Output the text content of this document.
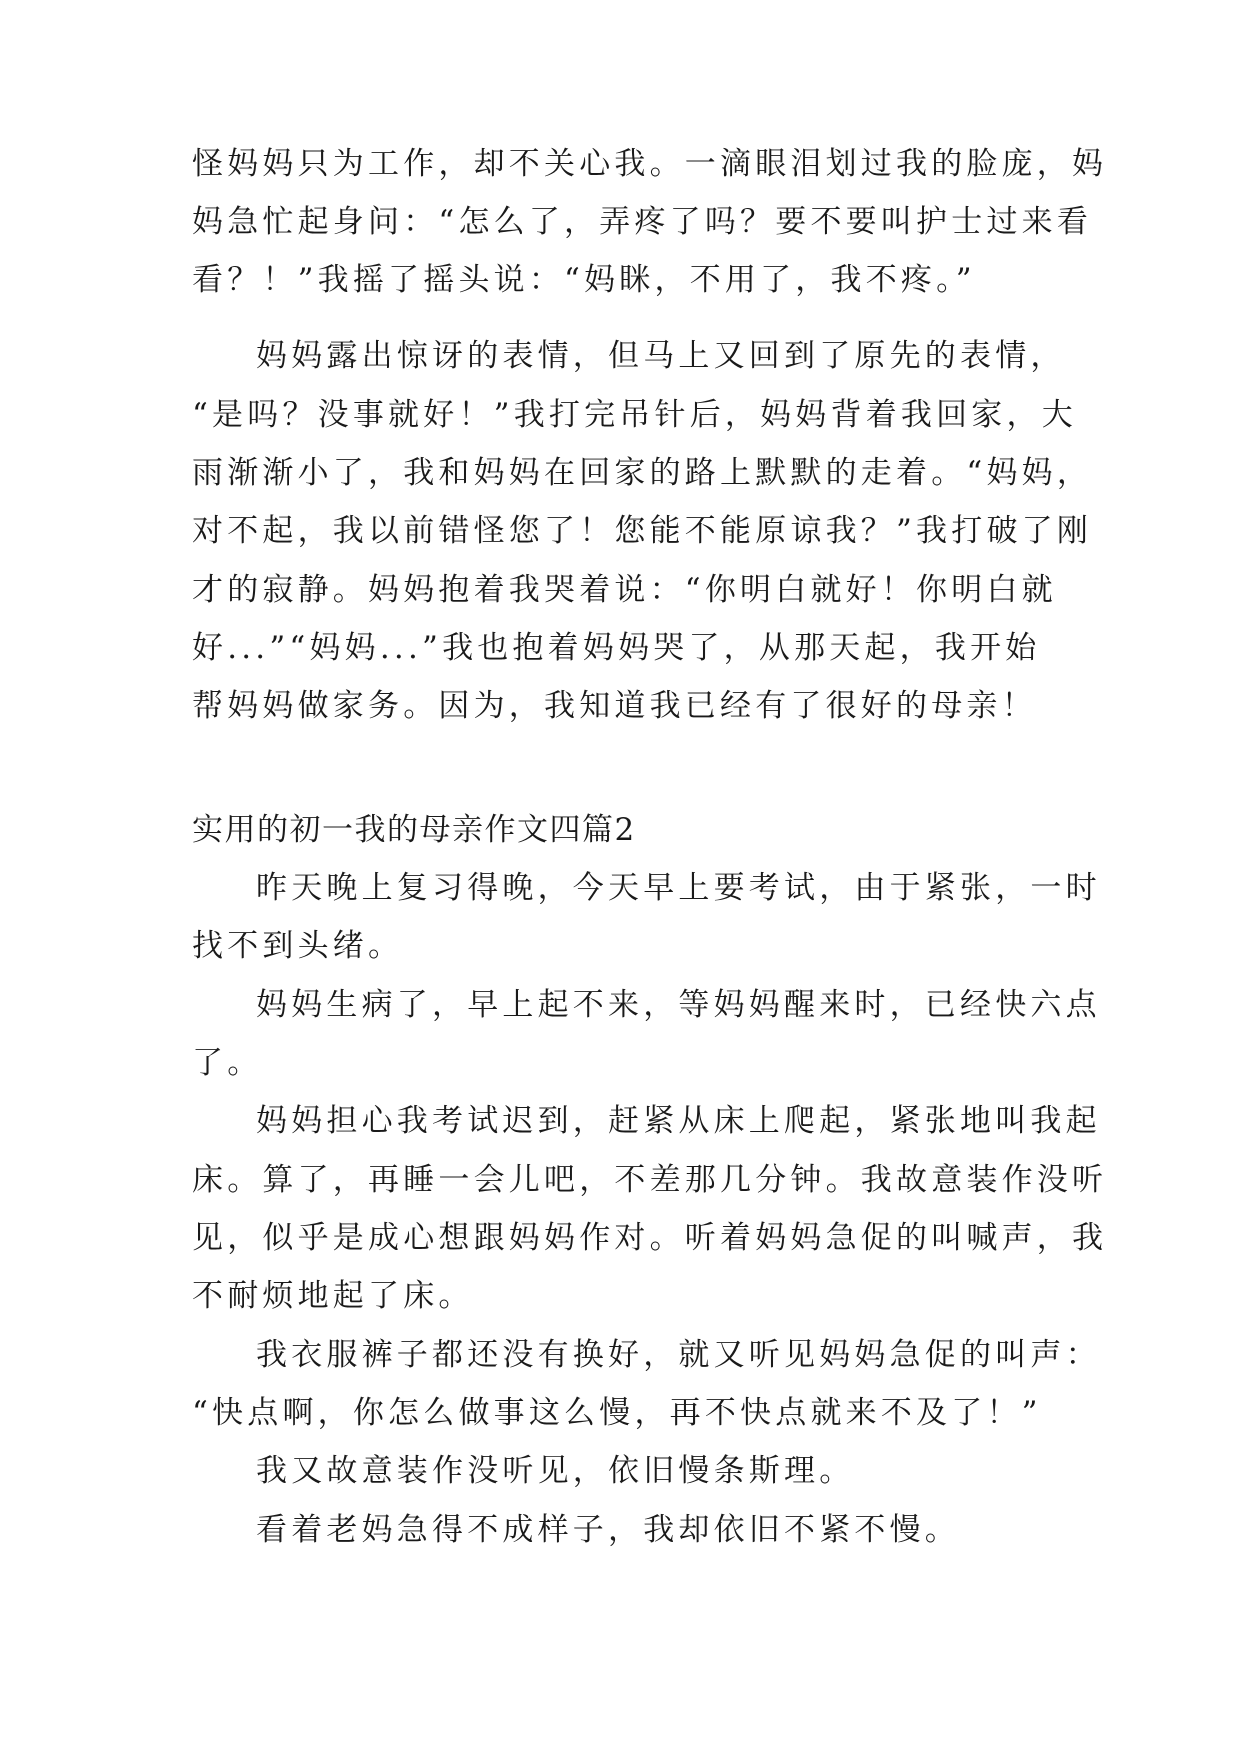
怪妈妈只为工作，却不关心我。一滴眼泪划过我的脸庞，妈
妈急忙起身问：“怎么了，弄疼了吗？要不要叫护士过来看
看？！”我摇了摇头说：“妈眯，不用了，我不疼。”
妈妈露出惊讶的表情，但马上又回到了原先的表情，
“是吗？没事就好！”我打完吊针后，妈妈背着我回家，大
雨渐渐小了，我和妈妈在回家的路上默默的走着。“妈妈，
对不起，我以前错怪您了！您能不能原谅我？”我打破了刚
才的寂静。妈妈抱着我哭着说：“你明白就好！你明白就
好...”“妈妈...”我也抱着妈妈哭了，从那天起，我开始
帮妈妈做家务。因为，我知道我已经有了很好的母亲！
实用的初一我的母亲作文四篇2
昨天晚上复习得晚，今天早上要考试，由于紧张，一时
找不到头绪。
妈妈生病了，早上起不来，等妈妈醒来时，已经快六点
了。
妈妈担心我考试迟到，赶紧从床上爬起，紧张地叫我起
床。算了，再睡一会儿吧，不差那几分钟。我故意装作没听
见，似乎是成心想跟妈妈作对。听着妈妈急促的叫喊声，我
不耐烦地起了床。
我衣服裤子都还没有换好，就又听见妈妈急促的叫声：
“快点啊，你怎么做事这么慢，再不快点就来不及了！”
我又故意装作没听见，依旧慢条斯理。
看着老妈急得不成样子，我却依旧不紧不慢。
